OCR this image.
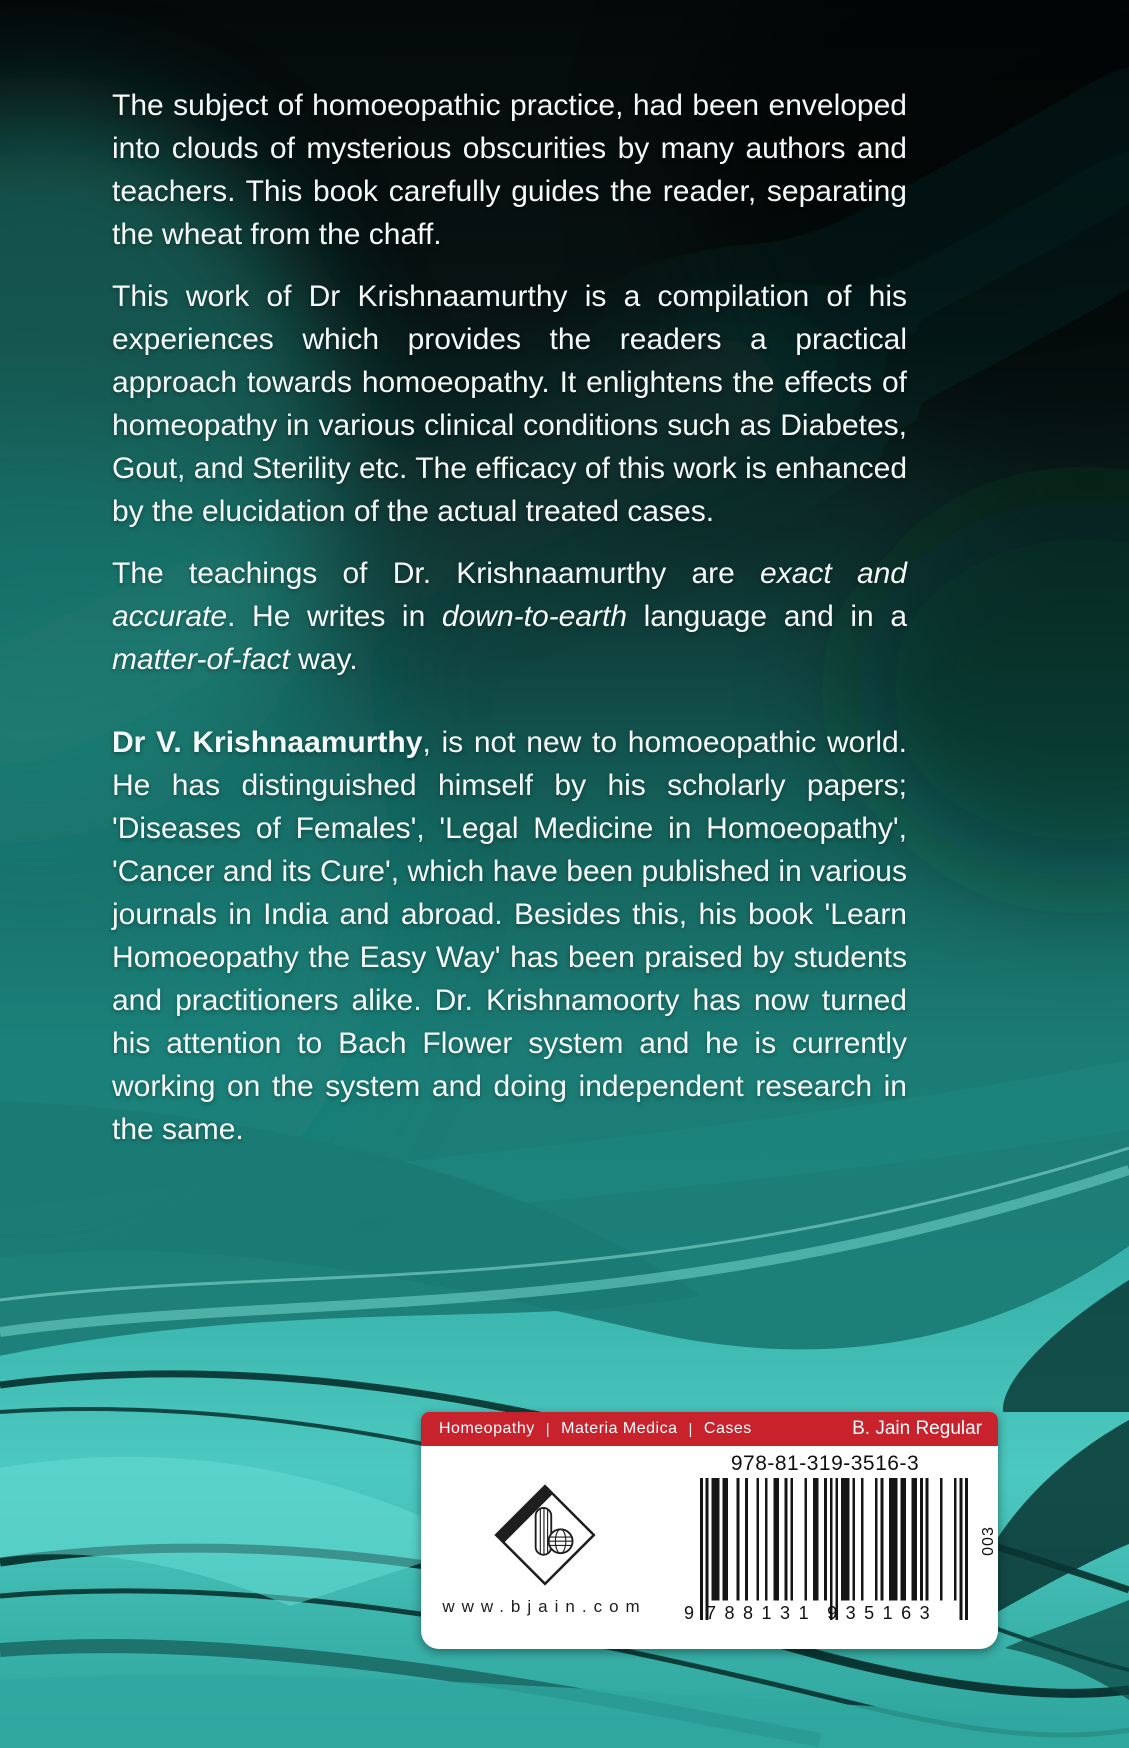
The subject of homoeopathic practice, had been enveloped into clouds of mysterious obscurities by many authors and teachers. This book carefully guides the reader, separating the wheat from the chaff.

This work of Dr Krishnaamurthy is a compilation of his experiences which provides the readers a practical approach towards homoeopathy. It enlightens the effects of homeopathy in various clinical conditions such as Diabetes, Gout, and Sterility etc. The efficacy of this work is enhanced by the elucidation of the actual treated cases.

The teachings of Dr. Krishnaamurthy are exact and accurate. He writes in down-to-earth language and in a matter-of-fact way.

Dr V. Krishnaamurthy, is not new to homoeopathic world. He has distinguished himself by his scholarly papers; 'Diseases of Females', 'Legal Medicine in Homoeopathy', 'Cancer and its Cure', which have been published in various journals in India and abroad. Besides this, his book 'Learn Homoeopathy the Easy Way' has been praised by students and practitioners alike. Dr. Krishnamoorty has now turned his attention to Bach Flower system and he is currently working on the system and doing independent research in the same.

Homeopathy | Materia Medica | Cases	B. Jain Regular
www.bjain.com
978-81-319-3516-3
9 788131 935163
003
